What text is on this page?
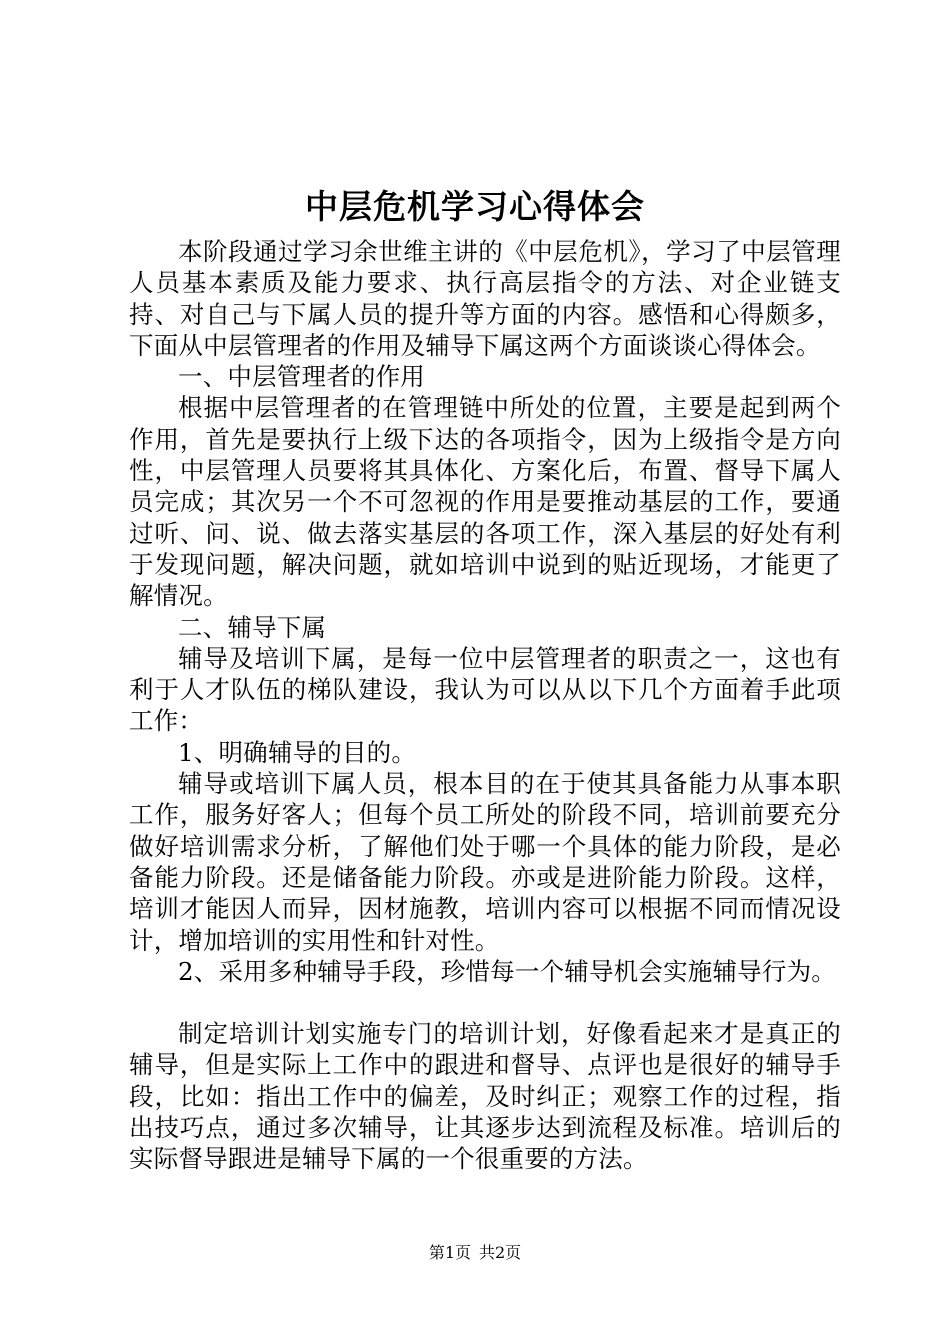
中层危机学习心得体会

本阶段通过学习余世维主讲的《中层危机》，学习了中层管理人员基本素质及能力要求、执行高层指令的方法、对企业链支持、对自己与下属人员的提升等方面的内容。感悟和心得颇多，下面从中层管理者的作用及辅导下属这两个方面谈谈心得体会。

一、中层管理者的作用

根据中层管理者的在管理链中所处的位置，主要是起到两个作用，首先是要执行上级下达的各项指令，因为上级指令是方向性，中层管理人员要将其具体化、方案化后，布置、督导下属人员完成；其次另一个不可忽视的作用是要推动基层的工作，要通过听、问、说、做去落实基层的各项工作，深入基层的好处有利于发现问题，解决问题，就如培训中说到的贴近现场，才能更了解情况。

二、辅导下属

辅导及培训下属，是每一位中层管理者的职责之一，这也有利于人才队伍的梯队建设，我认为可以从以下几个方面着手此项工作：

1、明确辅导的目的。

辅导或培训下属人员，根本目的在于使其具备能力从事本职工作，服务好客人；但每个员工所处的阶段不同，培训前要充分做好培训需求分析，了解他们处于哪一个具体的能力阶段，是必备能力阶段。还是储备能力阶段。亦或是进阶能力阶段。这样，培训才能因人而异，因材施教，培训内容可以根据不同而情况设计，增加培训的实用性和针对性。

2、采用多种辅导手段，珍惜每一个辅导机会实施辅导行为。

制定培训计划实施专门的培训计划，好像看起来才是真正的辅导，但是实际上工作中的跟进和督导、点评也是很好的辅导手段，比如：指出工作中的偏差，及时纠正；观察工作的过程，指出技巧点，通过多次辅导，让其逐步达到流程及标准。培训后的实际督导跟进是辅导下属的一个很重要的方法。

第1页 共2页
